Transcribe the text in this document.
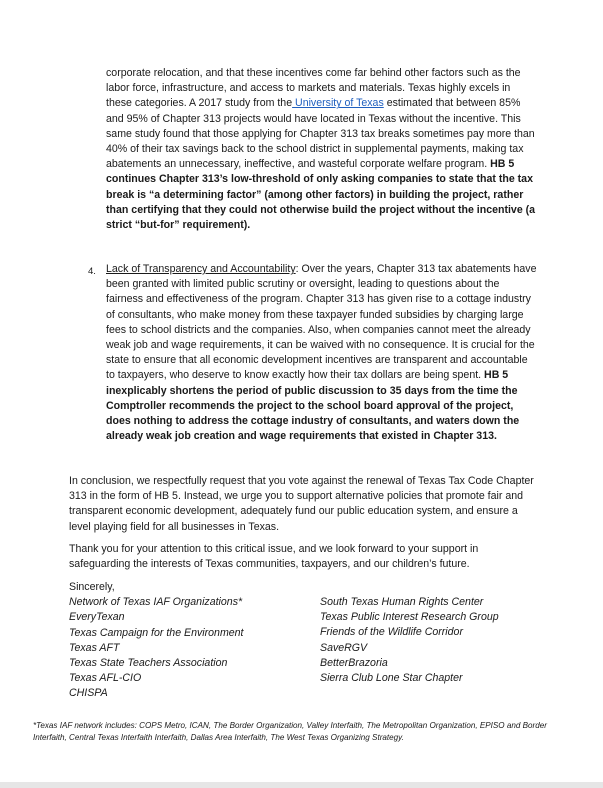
corporate relocation, and that these incentives come far behind other factors such as the labor force, infrastructure, and access to markets and materials. Texas highly excels in these categories. A 2017 study from the University of Texas estimated that between 85% and 95% of Chapter 313 projects would have located in Texas without the incentive. This same study found that those applying for Chapter 313 tax breaks sometimes pay more than 40% of their tax savings back to the school district in supplemental payments, making tax abatements an unnecessary, ineffective, and wasteful corporate welfare program. HB 5 continues Chapter 313’s low-threshold of only asking companies to state that the tax break is “a determining factor” (among other factors) in building the project, rather than certifying that they could not otherwise build the project without the incentive (a strict “but-for” requirement).

4. Lack of Transparency and Accountability: Over the years, Chapter 313 tax abatements have been granted with limited public scrutiny or oversight, leading to questions about the fairness and effectiveness of the program. Chapter 313 has given rise to a cottage industry of consultants, who make money from these taxpayer funded subsidies by charging large fees to school districts and the companies. Also, when companies cannot meet the already weak job and wage requirements, it can be waived with no consequence. It is crucial for the state to ensure that all economic development incentives are transparent and accountable to taxpayers, who deserve to know exactly how their tax dollars are being spent. HB 5 inexplicably shortens the period of public discussion to 35 days from the time the Comptroller recommends the project to the school board approval of the project, does nothing to address the cottage industry of consultants, and waters down the already weak job creation and wage requirements that existed in Chapter 313.

In conclusion, we respectfully request that you vote against the renewal of Texas Tax Code Chapter 313 in the form of HB 5. Instead, we urge you to support alternative policies that promote fair and transparent economic development, adequately fund our public education system, and ensure a level playing field for all businesses in Texas.

Thank you for your attention to this critical issue, and we look forward to your support in safeguarding the interests of Texas communities, taxpayers, and our children’s future.

Sincerely,
Network of Texas IAF Organizations*
EveryTexan
Texas Campaign for the Environment
Texas AFT
Texas State Teachers Association
Texas AFL-CIO
CHISPA
South Texas Human Rights Center
Texas Public Interest Research Group
Friends of the Wildlife Corridor
SaveRGV
BetterBrazoria
Sierra Club Lone Star Chapter

*Texas IAF network includes: COPS Metro, ICAN, The Border Organization, Valley Interfaith, The Metropolitan Organization, EPISO and Border Interfaith, Central Texas Interfaith Interfaith, Dallas Area Interfaith, The West Texas Organizing Strategy.
